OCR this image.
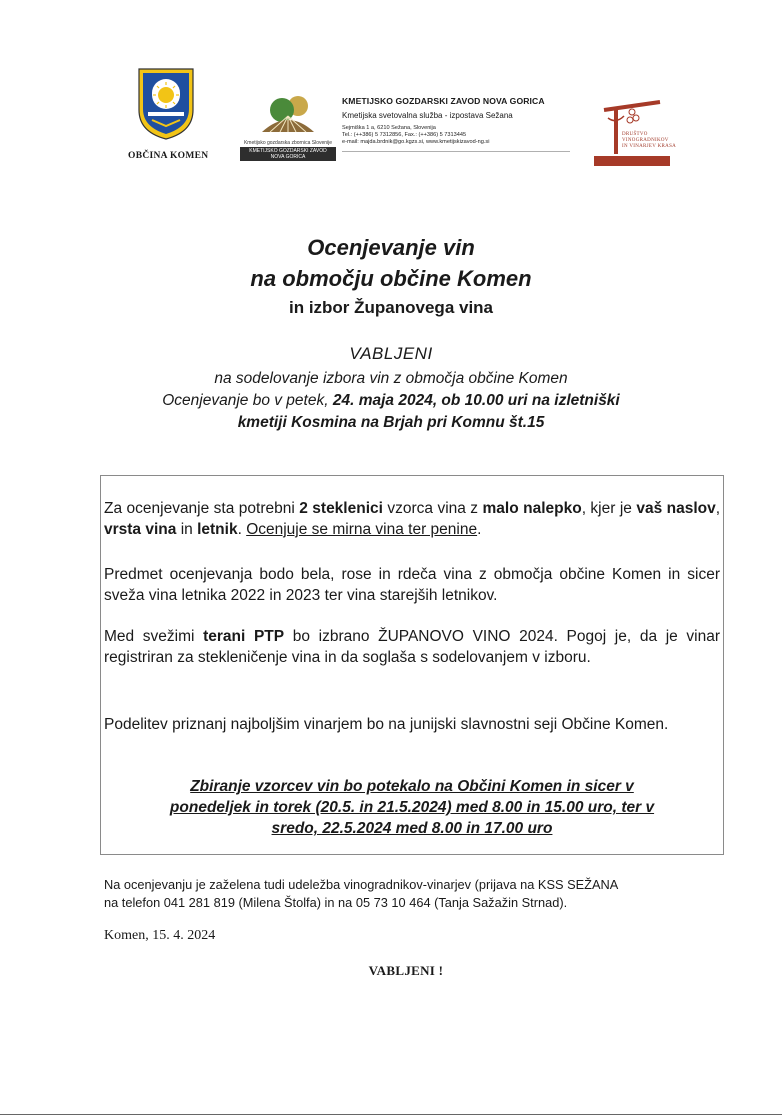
OBČINA KOMEN
Kmetijsko gozdarska zbornica Slovenije
KMETIJSKO GOZDARSKI ZAVOD
NOVA GORICA
KMETIJSKO GOZDARSKI ZAVOD NOVA GORICA
Kmetijska svetovalna služba - izpostava Sežana
Sejmiška 1 a, 6210 Sežana, Slovenija
Tel.: (++386) 5 7312856, Fax.: (++386) 5 7313445
e-mail: majda.brdnik@go.kgzs.si, www.kmetijskizavod-ng.si
DRUŠTVO
VINOGRADNIKOV
IN VINARJEV KRASA
Ocenjevanje vin
na območju občine Komen
in izbor Županovega vina
VABLJENI
na sodelovanje izbora vin z območja občine Komen
Ocenjevanje bo v petek, 24. maja 2024, ob 10.00 uri na izletniški
kmetiji Kosmina na Brjah pri Komnu št.15
Za ocenjevanje sta potrebni 2 steklenici vzorca vina z malo nalepko, kjer je vaš naslov, vrsta vina in letnik. Ocenjuje se mirna vina ter penine.
Predmet ocenjevanja bodo bela, rose in rdeča vina z območja občine Komen in sicer sveža vina letnika 2022 in 2023 ter vina starejših letnikov.
Med svežimi terani PTP bo izbrano ŽUPANOVO VINO 2024. Pogoj je, da je vinar registriran za stekleničenje vina in da soglaša s sodelovanjem v izboru.
Podelitev priznanj najboljšim vinarjem bo na junijski slavnostni seji Občine Komen.
Zbiranje vzorcev vin bo potekalo na Občini Komen in sicer v
ponedeljek in torek (20.5. in 21.5.2024) med 8.00 in 15.00 uro, ter v
sredo, 22.5.2024 med 8.00 in 17.00 uro
Na ocenjevanju je zaželena tudi udeležba vinogradnikov-vinarjev (prijava na KSS SEŽANA
na telefon 041 281 819 (Milena Štolfa) in na 05 73 10 464 (Tanja Sažažin Strnad).
Komen, 15. 4. 2024
VABLJENI !
